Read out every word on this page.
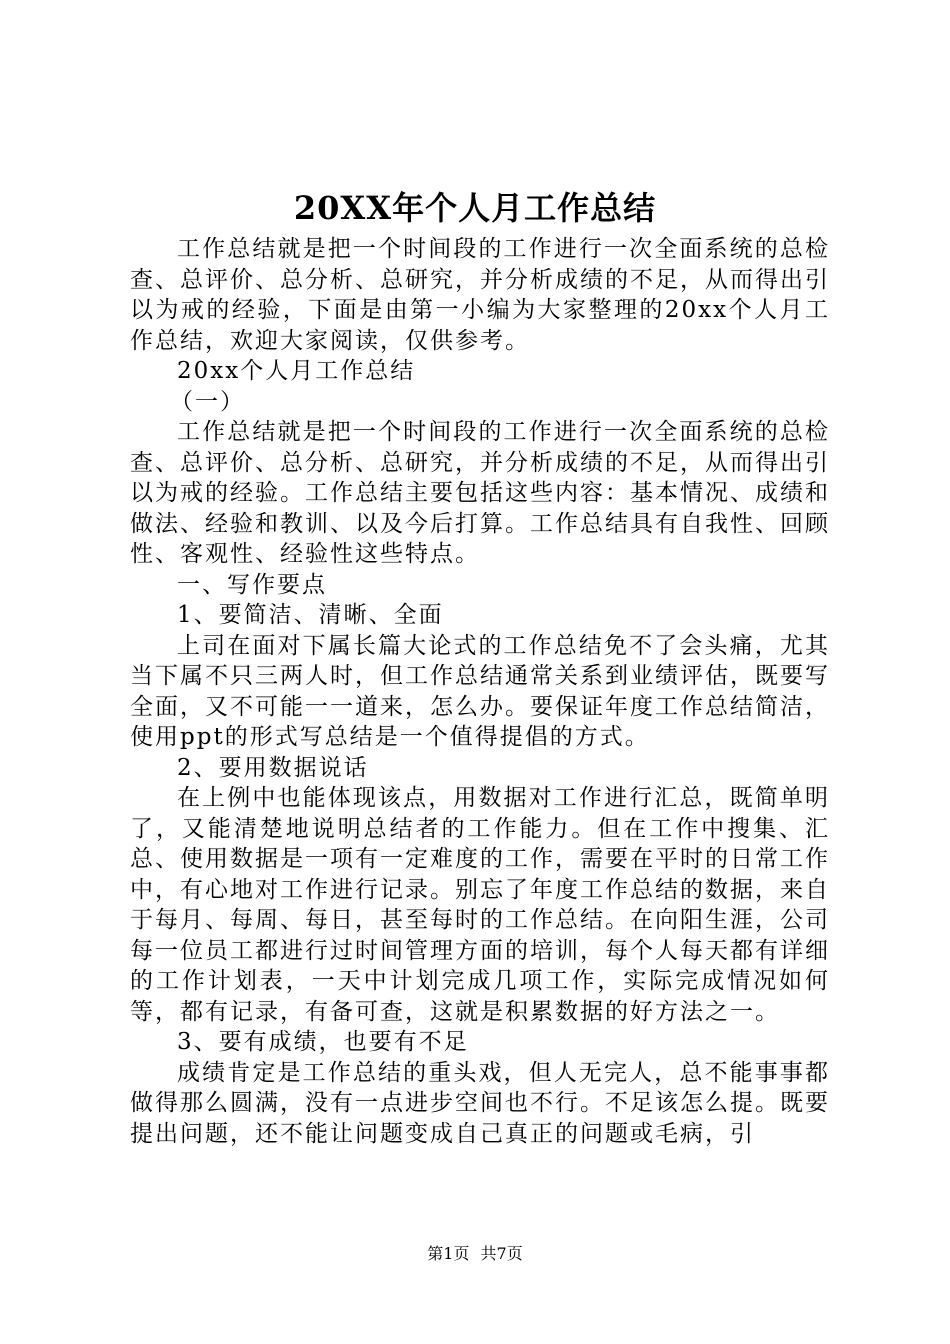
20XX年个人月工作总结

工作总结就是把一个时间段的工作进行一次全面系统的总检查、总评价、总分析、总研究，并分析成绩的不足，从而得出引以为戒的经验，下面是由第一小编为大家整理的20xx个人月工作总结，欢迎大家阅读，仅供参考。

20xx个人月工作总结

（一）

工作总结就是把一个时间段的工作进行一次全面系统的总检查、总评价、总分析、总研究，并分析成绩的不足，从而得出引以为戒的经验。工作总结主要包括这些内容：基本情况、成绩和做法、经验和教训、以及今后打算。工作总结具有自我性、回顾性、客观性、经验性这些特点。

一、写作要点

1、要简洁、清晰、全面

上司在面对下属长篇大论式的工作总结免不了会头痛，尤其当下属不只三两人时，但工作总结通常关系到业绩评估，既要写全面，又不可能一一道来，怎么办。要保证年度工作总结简洁，使用ppt的形式写总结是一个值得提倡的方式。

2、要用数据说话

在上例中也能体现该点，用数据对工作进行汇总，既简单明了，又能清楚地说明总结者的工作能力。但在工作中搜集、汇总、使用数据是一项有一定难度的工作，需要在平时的日常工作中，有心地对工作进行记录。别忘了年度工作总结的数据，来自于每月、每周、每日，甚至每时的工作总结。在向阳生涯，公司每一位员工都进行过时间管理方面的培训，每个人每天都有详细的工作计划表，一天中计划完成几项工作，实际完成情况如何等，都有记录，有备可查，这就是积累数据的好方法之一。

3、要有成绩，也要有不足

成绩肯定是工作总结的重头戏，但人无完人，总不能事事都做得那么圆满，没有一点进步空间也不行。不足该怎么提。既要提出问题，还不能让问题变成自己真正的问题或毛病，引

第1页 共7页
